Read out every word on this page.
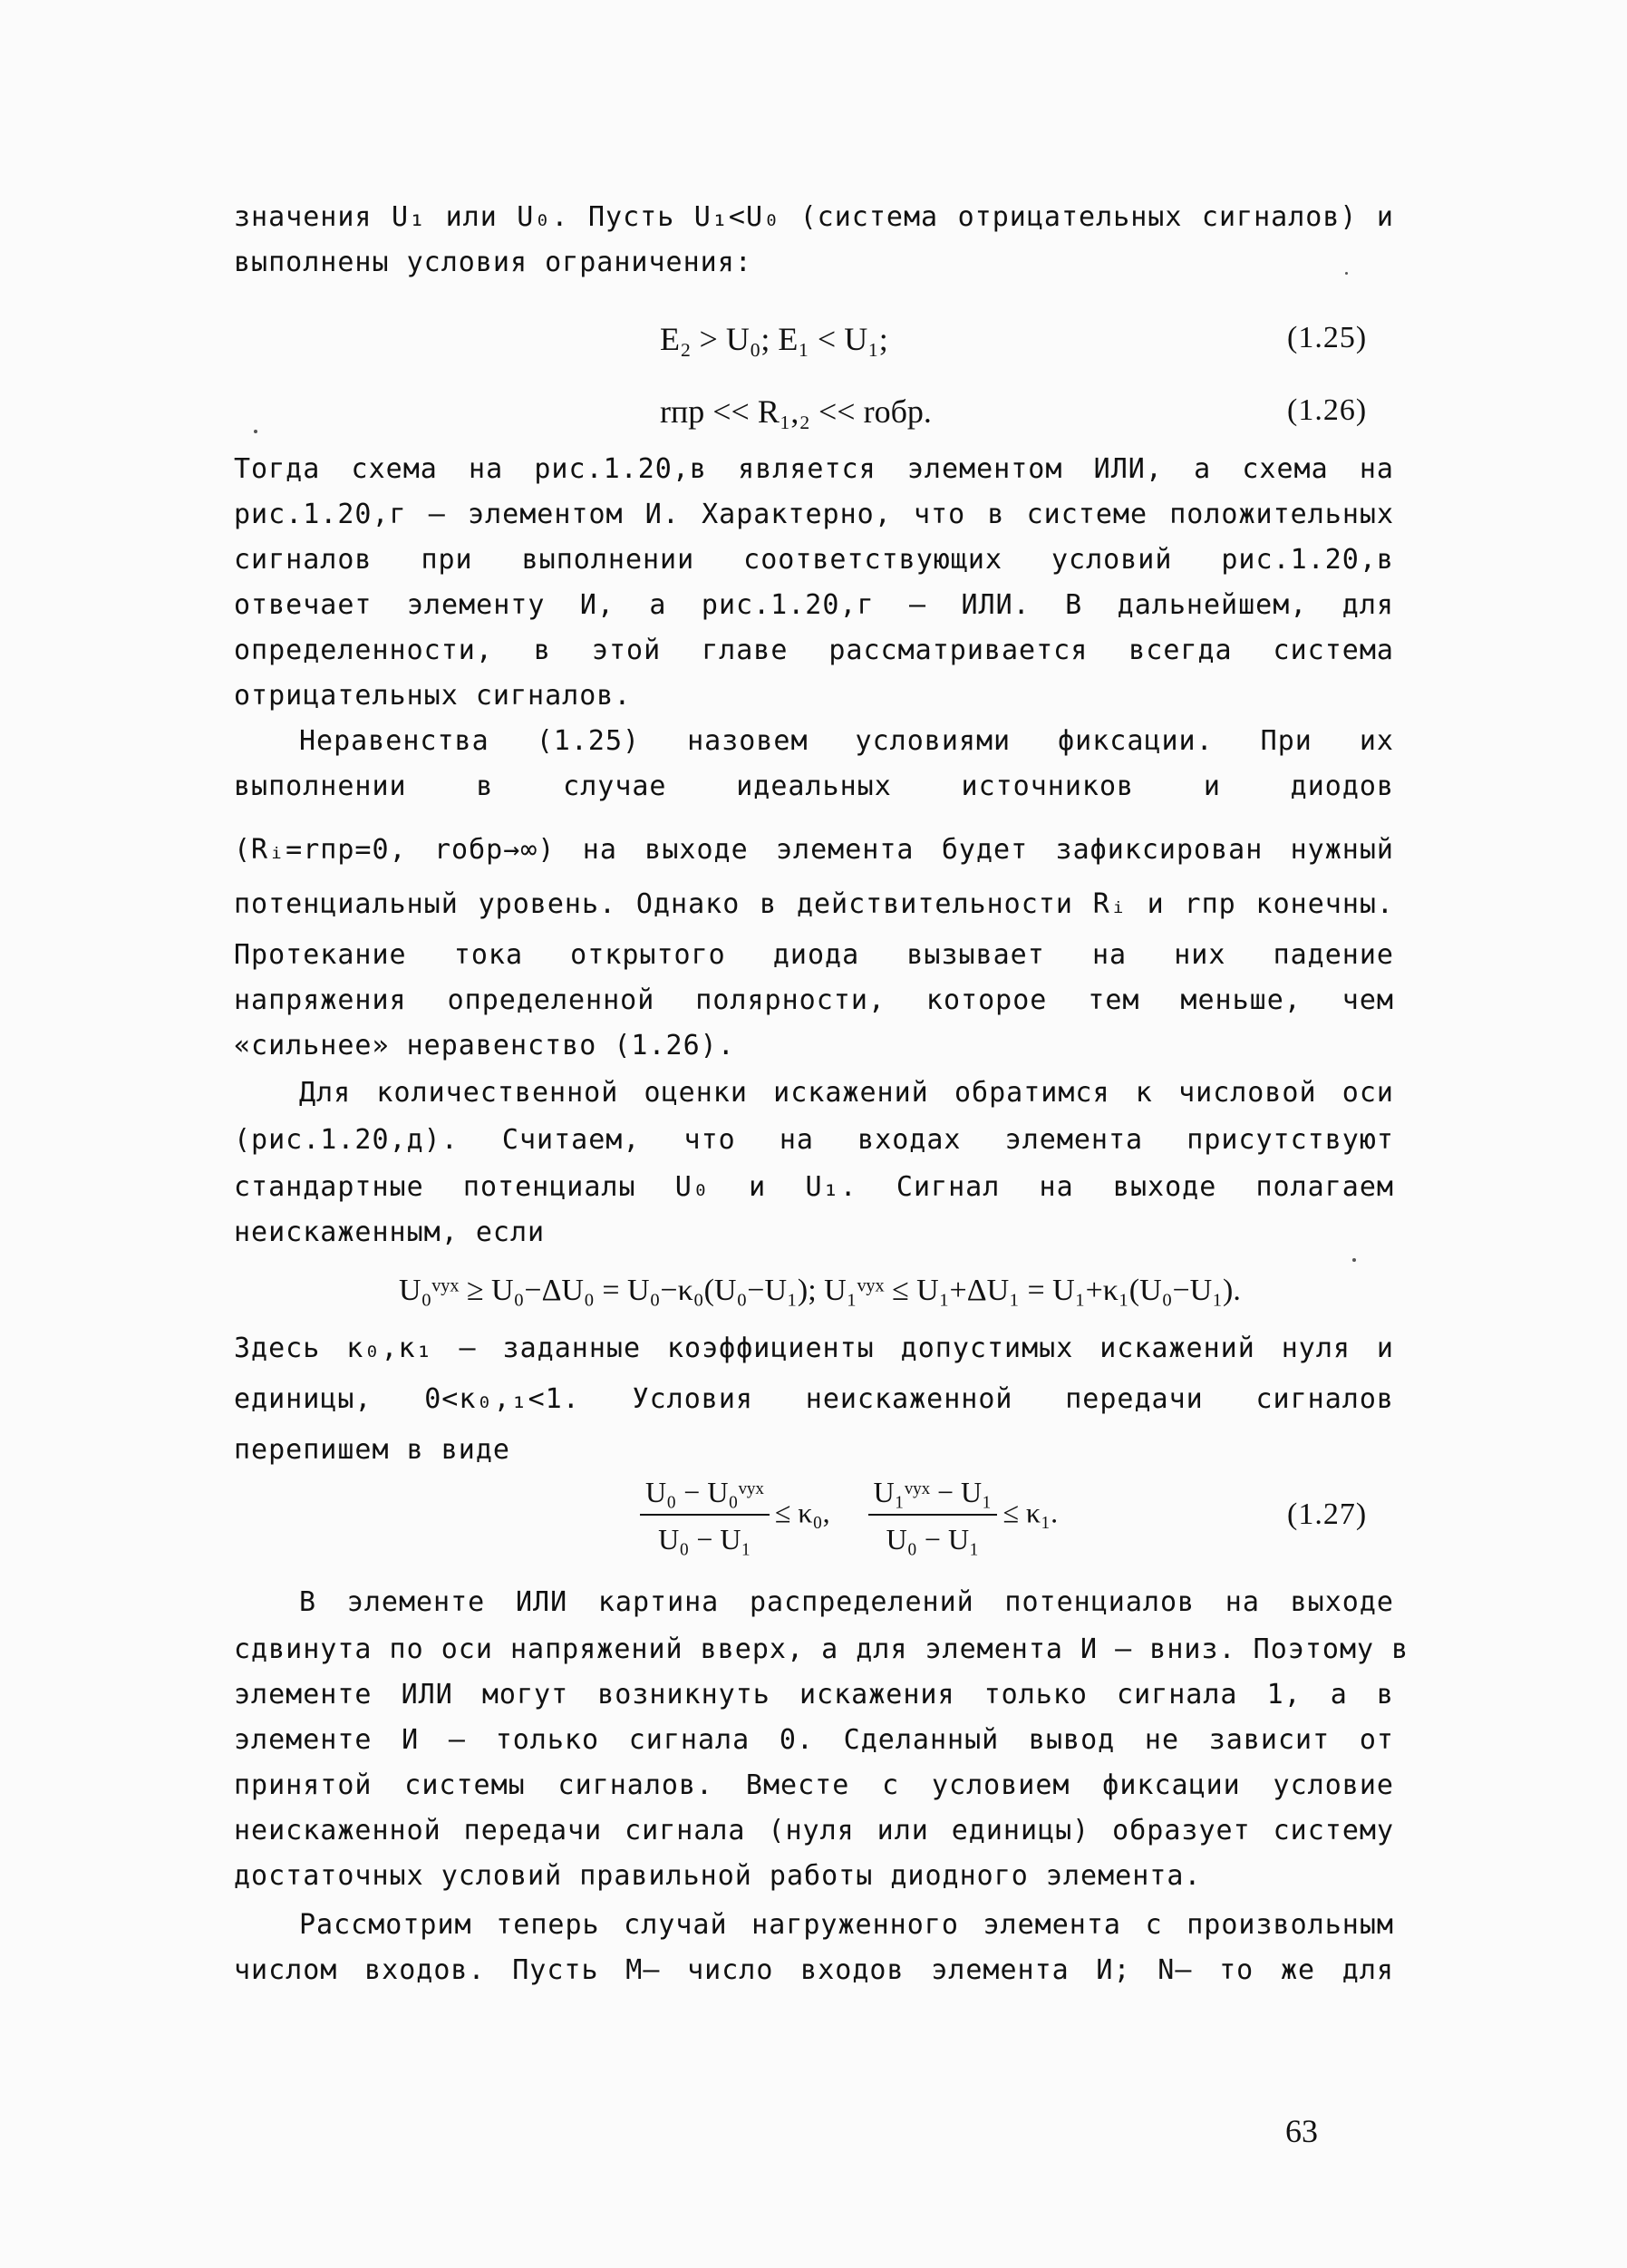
значения U₁ или U₀. Пусть U₁<U₀ (система отрицательных сигналов) и
выполнены условия ограничения:
E₂ > U₀; E₁ < U₁;	(1.25)
rпр << R₁,₂ << rобр.	(1.26)
Тогда схема на рис.1.20,в является элементом ИЛИ, а схема на
рис.1.20,г – элементом И. Характерно, что в системе положительных
сигналов при выполнении соответствующих условий рис.1.20,в
отвечает элементу И, а рис.1.20,г – ИЛИ. В дальнейшем, для
определенности, в этой главе рассматривается всегда система
отрицательных сигналов.
Неравенства (1.25) назовем условиями фиксации. При их
выполнении в случае идеальных источников и диодов
(Rᵢ=rпр=0, rобр→∞) на выходе элемента будет зафиксирован нужный
потенциальный уровень. Однако в действительности Rᵢ и rпр конечны.
Протекание тока открытого диода вызывает на них падение
напряжения определенной полярности, которое тем меньше, чем
«сильнее» неравенство (1.26).
Для количественной оценки искажений обратимся к числовой оси
(рис.1.20,д). Считаем, что на входах элемента присутствуют
стандартные потенциалы U₀ и U₁. Сигнал на выходе полагаем
неискаженным, если
U₀ᵛʸˣ ≥ U₀−ΔU₀ = U₀−κ₀(U₀−U₁); U₁ᵛʸˣ ≤ U₁+ΔU₁ = U₁+κ₁(U₀−U₁).
Здесь κ₀,κ₁ – заданные коэффициенты допустимых искажений нуля и
единицы, 0<κ₀,₁<1. Условия неискаженной передачи сигналов
перепишем в виде
$\frac{\text{U₀ − U₀ᵛʸˣ}}{\text{U₀ − U₁}} \le \kappa_0$, $\frac{\text{U₁ᵛʸˣ − U₁}}{\text{U₀ − U₁}} \le \kappa_1$.	(1.27)
В элементе ИЛИ картина распределений потенциалов на выходе
сдвинута по оси напряжений вверх, а для элемента И – вниз. Поэтому в
элементе ИЛИ могут возникнуть искажения только сигнала 1, а в
элементе И – только сигнала 0. Сделанный вывод не зависит от
принятой системы сигналов. Вместе с условием фиксации условие
неискаженной передачи сигнала (нуля или единицы) образует систему
достаточных условий правильной работы диодного элемента.
Рассмотрим теперь случай нагруженного элемента с произвольным
числом входов. Пусть M– число входов элемента И; N– то же для
63
